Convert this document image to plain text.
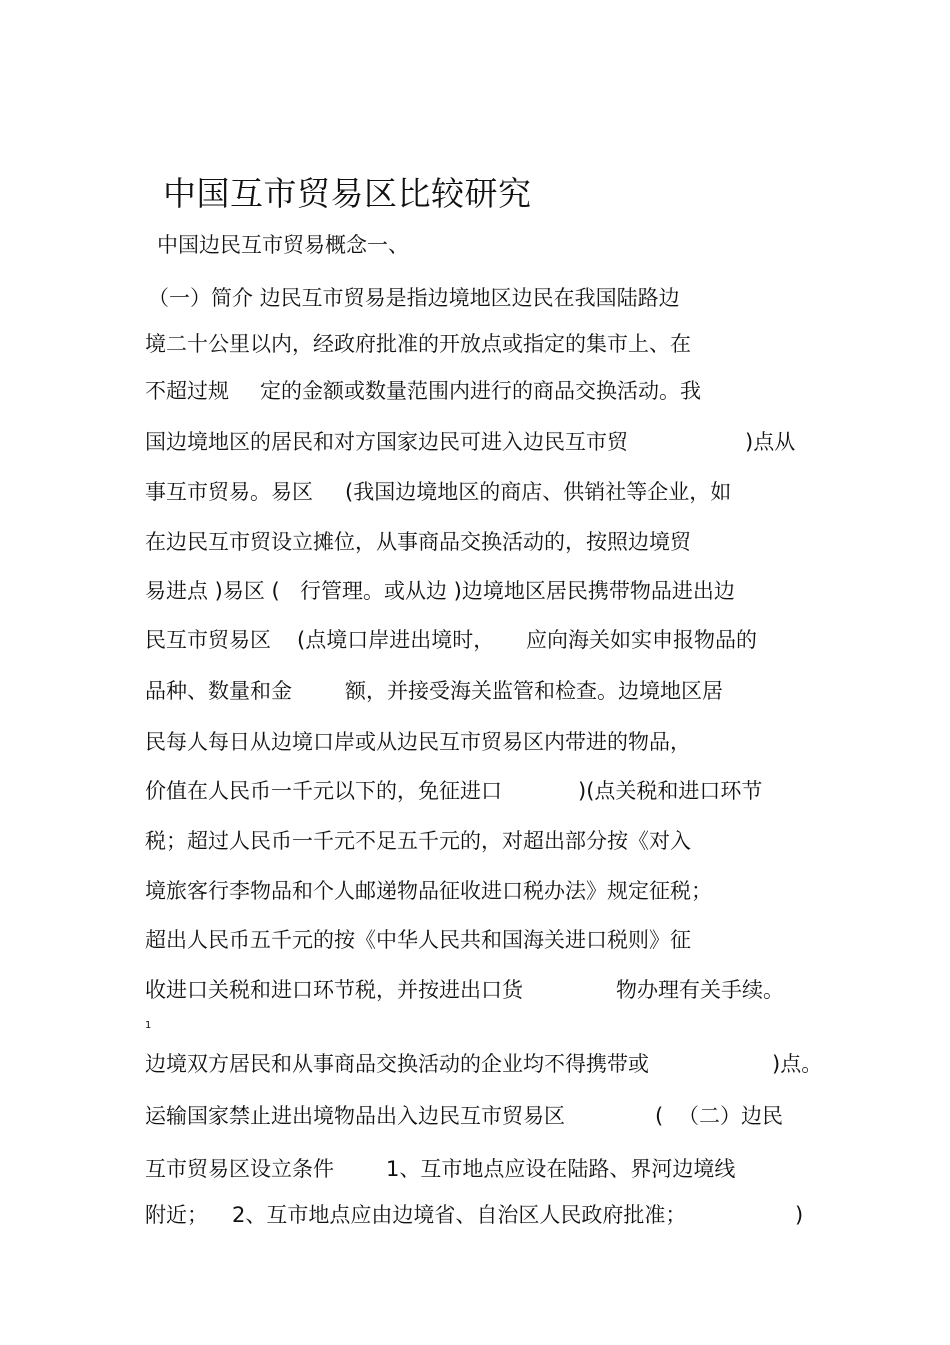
中国互市贸易区比较研究
中国边民互市贸易概念一、
（一）简介 边民互市贸易是指边境地区边民在我国陆路边
境二十公里以内，经政府批准的开放点或指定的集市上、在
不超过规 定的金额或数量范围内进行的商品交换活动。我
国边境地区的居民和对方国家边民可进入边民互市贸	)点从
事互市贸易。易区 (我国边境地区的商店、供销社等企业，如
在边民互市贸设立摊位，从事商品交换活动的，按照边境贸
易进点 )易区 ( 行管理。或从边 )边境地区居民携带物品进出边
民互市贸易区 (点境口岸进出境时， 应向海关如实申报物品的
品种、数量和金	额，并接受海关监管和检查。边境地区居
民每人每日从边境口岸或从边民互市贸易区内带进的物品，
价值在人民币一千元以下的，免征进口	)(点关税和进口环节
税；超过人民币一千元不足五千元的，对超出部分按《对入
境旅客行李物品和个人邮递物品征收进口税办法》规定征税；
超出人民币五千元的按《中华人民共和国海关进口税则》征
收进口关税和进口环节税，并按进出口货	物办理有关手续。
1
边境双方居民和从事商品交换活动的企业均不得携带或	)点。
运输国家禁止进出境物品出入边民互市贸易区	( （二）边民
互市贸易区设立条件 1、互市地点应设在陆路、界河边境线
附近； 2、互市地点应由边境省、自治区人民政府批准；	)
